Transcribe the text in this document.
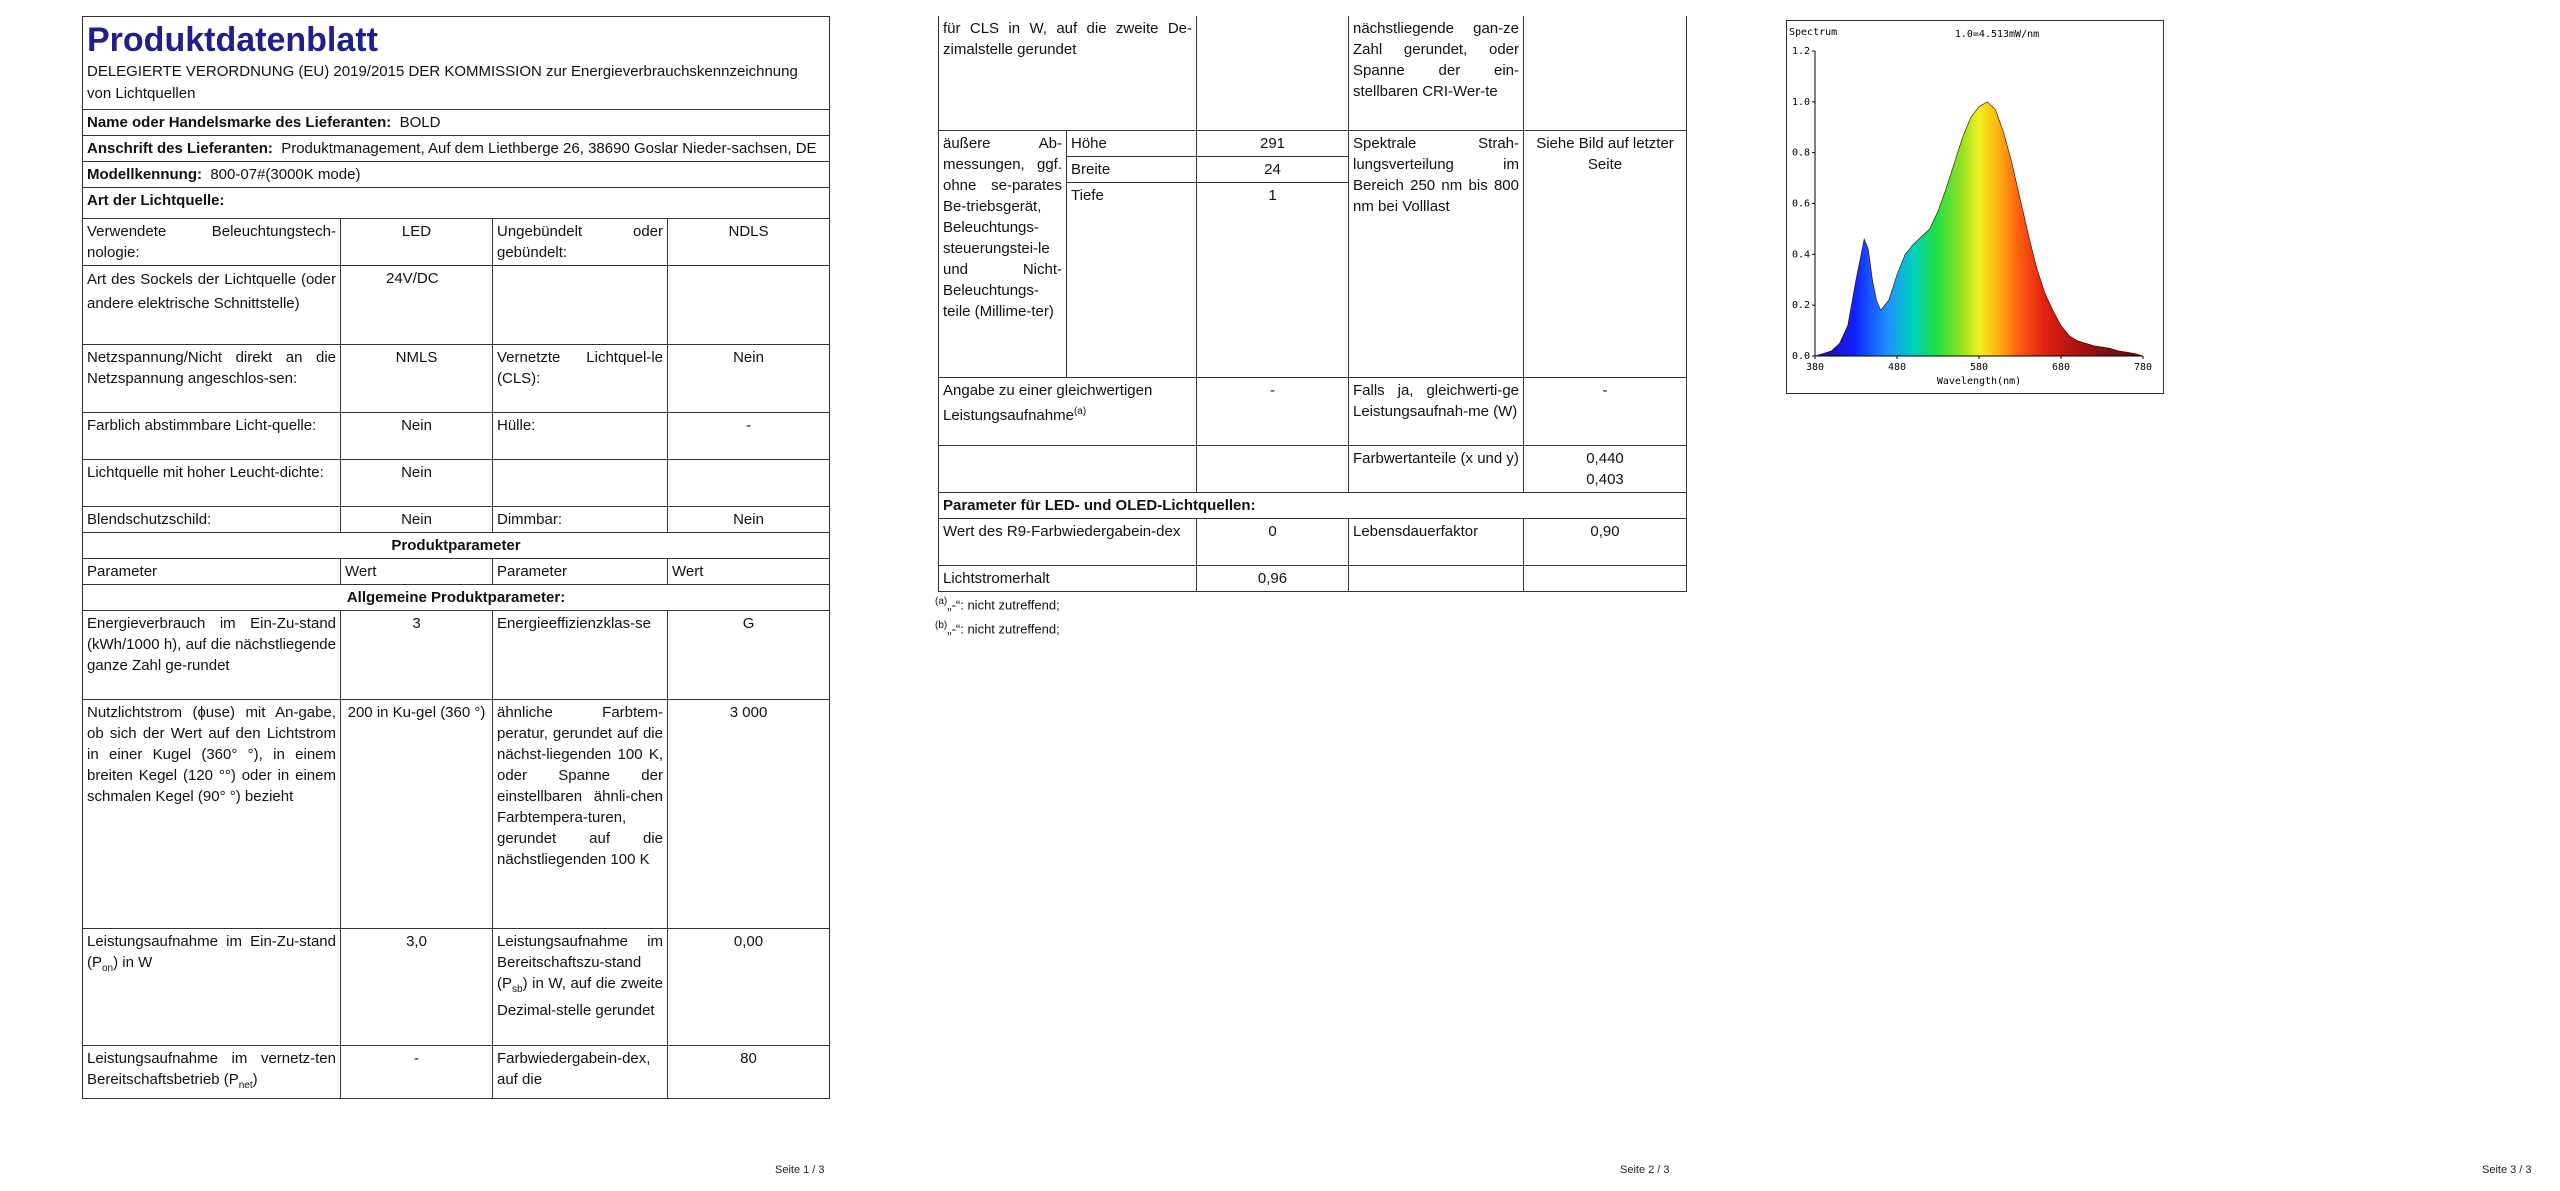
Produktdatenblatt
DELEGIERTE VERORDNUNG (EU) 2019/2015 DER KOMMISSION zur Energieverbrauchskennzeichnung von Lichtquellen			

Name oder Handelsmarke des Lieferanten: BOLD			
Anschrift des Lieferanten: Produktmanagement, Auf dem Liethberge 26, 38690 Goslar Nieder-sachsen, DE			
Modellkennung: 800-07#(3000K mode)			
Art der Lichtquelle:			
Verwendete Beleuchtungstech-nologie:	LED	Ungebündelt oder gebündelt:	NDLS
Art des Sockels der Lichtquelle (oder andere elektrische Schnittstelle)	24V/DC		
Netzspannung/Nicht direkt an die Netzspannung angeschlos-sen:	NMLS	Vernetzte Lichtquel-le (CLS):	Nein
Farblich abstimmbare Licht-quelle:	Nein	Hülle:	-
Lichtquelle mit hoher Leucht-dichte:	Nein		
Blendschutzschild:	Nein	Dimmbar:	Nein
Produktparameter			
Parameter	Wert	Parameter	Wert
Allgemeine Produktparameter:			
Energieverbrauch im Ein-Zu-stand (kWh/1000 h), auf die nächstliegende ganze Zahl ge-rundet	3	Energieeffizienzklas-se	G
Nutzlichtstrom (ɸuse) mit An-gabe, ob sich der Wert auf den Lichtstrom in einer Kugel (360° °), in einem breiten Kegel (120 °°) oder in einem schmalen Kegel (90° °) bezieht	200 in Ku-gel (360 °)	ähnliche Farbtem-peratur, gerundet auf die nächst-liegenden 100 K, oder Spanne der einstellbaren ähnli-chen Farbtempera-turen, gerundet auf die nächstliegenden 100 K	3 000
Leistungsaufnahme im Ein-Zu-stand $(P_{on})$ in W	3,0	Leistungsaufnahme im Bereitschaftszu-stand $(P_{sb})$ in W, auf die zweite Dezimal-stelle gerundet	0,00
Leistungsaufnahme im vernetz-ten Bereitschaftsbetrieb $(P_{net})$	-	Farbwiedergabein-dex, auf die	80
Seite 1 / 3
für CLS in W, auf die zweite De-zimalstelle gerundet			nächstliegende gan-ze Zahl gerundet, oder Spanne der ein-stellbaren CRI-Wer-te	
äußere Ab-messungen, ggf. ohne se-parates Be-triebsgerät, Beleuchtungs-steuerungstei-le und Nicht-Beleuchtungs-teile (Millime-ter)	Höhe	291	Spektrale Strah-lungsverteilung im Bereich 250 nm bis 800 nm bei Volllast	Siehe Bild auf letzter Seite
	Breite	24		
	Tiefe	1		
Angabe zu einer gleichwertigen Leistungsaufnahme$^{(a)}$		-	Falls ja, gleichwerti-ge Leistungsaufnah-me (W)	-
			Farbwertanteile (x und y)	0,440
0,403

Parameter für LED- und OLED-Lichtquellen:				
Wert des R9-Farbwiedergabein-dex		0	Lebensdauerfaktor	0,90
Lichtstromerhalt		0,96		
Seite 2 / 3
$^{(a)}$„-“: nicht zutreffend;
$^{(b)}$„-“: nicht zutreffend;
Seite 3 / 3
0.0
0.2
0.4
0.6
0.8
1.0
1.2
380	480	580	680	780
Spectrum	1.0=4.513mW/nm
Wavelength(nm)
